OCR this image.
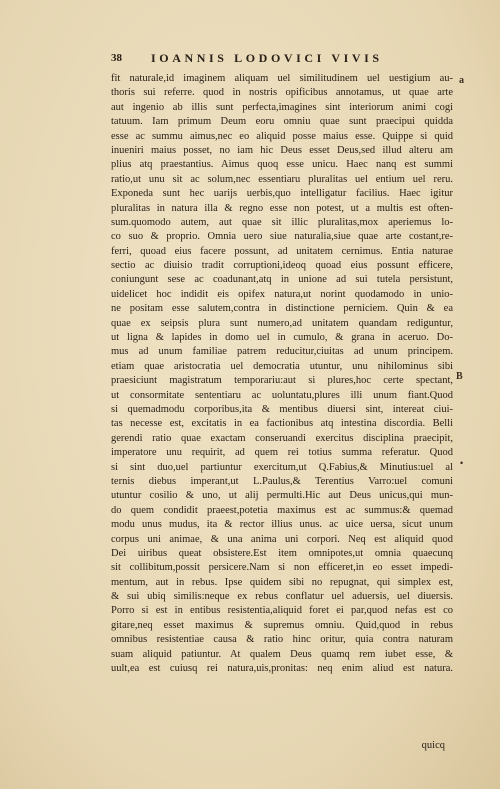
38 IOANNIS LODOVICI VIVIS
fit naturale,id imaginem aliquam uel similitudinem uel uestigium au-
thoris sui referre. quod in nostris opificibus annotamus, ut quae arte
aut ingenio ab illis sunt perfecta,imagines sint interiorum animi cogi
tatuum. Iam primum Deum eoru omniu quae sunt praecipui quidda
esse ac summu aimus,nec eo aliquid posse maius esse. Quippe si quid
inueniri maius posset, no iam hic Deus esset Deus,sed illud alteru am
plius atq praestantius. Aimus quoq esse unicu. Haec nanq est summi
ratio,ut unu sit ac solum,nec essentiaru pluralitas uel entium uel reru.
Exponeda sunt hec uarijs uerbis,quo intelligatur facilius. Haec igitur
pluralitas in natura illa & regno esse non potest, ut a multis est often-
sum.quomodo autem, aut quae sit illic pluralitas,mox aperiemus lo-
co suo & proprio. Omnia uero siue naturalia,siue quae arte costant,re-
ferri, quoad eius facere possunt, ad unitatem cernimus. Entia naturae
sectio ac diuisio tradit corruptioni,ideoq quoad eius possunt efficere,
coniungunt sese ac coadunant,atq in unione ad sui tutela persistunt,
uidelicet hoc indidit eis opifex natura,ut norint quodamodo in unio-
ne positam esse salutem,contra in distinctione perniciem. Quin & ea
quae ex seipsis plura sunt numero,ad unitatem quandam rediguntur,
ut ligna & lapides in domo uel in cumulo, & grana in aceruo. Do-
mus ad unum familiae patrem reducitur,ciuitas ad unum principem.
etiam quae aristocratia uel democratia utuntur, unu nihilominus sibi
praesiciunt magistratum temporariu:aut si plures,hoc certe spectant,
ut consormitate sententiaru ac uoluntatu,plures illi unum fiant.Quod
si quemadmodu corporibus,ita & mentibus diuersi sint, intereat ciui-
tas necesse est, excitatis in ea factionibus atq intestina discordia. Belli
gerendi ratio quae exactam conseruandi exercitus disciplina praecipit,
imperatore unu requirit, ad quem rei totius summa referatur. Quod
si sint duo,uel partiuntur exercitum,ut Q.Fabius,& Minutius:uel al
ternis diebus imperant,ut L.Paulus,& Terentius Varro:uel comuni
utuntur cosilio & uno, ut alij permulti.Hic aut Deus unicus,qui mun-
do quem condidit praeest,potetia maximus est ac summus:& quemad
modu unus mudus, ita & rector illius unus. ac uice uersa, sicut unum
corpus uni animae, & una anima uni corpori. Neq est aliquid quod
Dei uiribus queat obsistere.Est item omnipotes,ut omnia quaecunq
sit collibitum,possit persicere.Nam si non efficeret,in eo esset impedi-
mentum, aut in rebus. Ipse quidem sibi no repugnat, qui simplex est,
& sui ubiq similis:neque ex rebus conflatur uel aduersis, uel diuersis.
Porro si est in entibus resistentia,aliquid foret ei par,quod nefas est co
gitare,neq esset maximus & supremus omniu. Quid,quod in rebus
omnibus resistentiae causa & ratio hinc oritur, quia contra naturam
suam aliquid patiuntur. At qualem Deus quamq rem iubet esse, &
uult,ea est cuiusq rei natura,uis,pronitas: neq enim aliud est natura.
a
B
•
quicq
